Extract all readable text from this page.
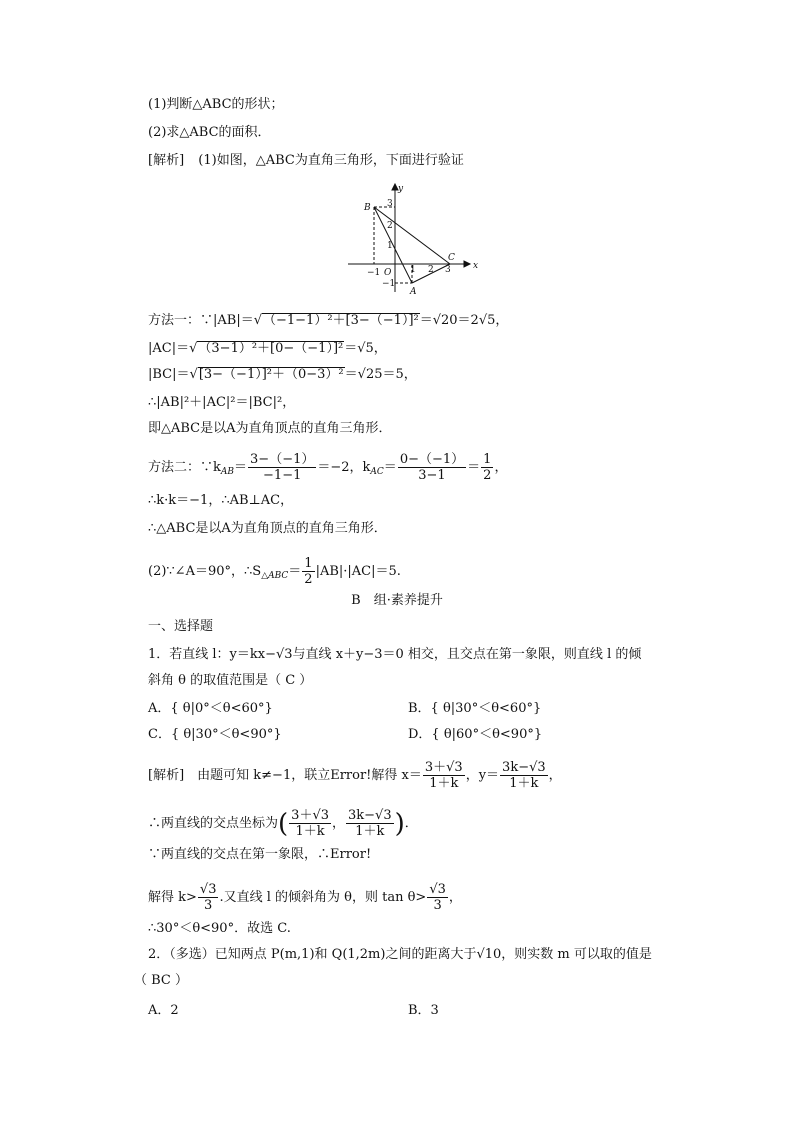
(1)判断△ABC的形状；
(2)求△ABC的面积．
[解析] (1)如图，△ABC为直角三角形，下面进行验证
x
y
O
−1	1 2 3
3
2
1
−1
B
A
C
方法一：∵|AB|＝√（−1−1）²＋[3−（−1）]²＝√20＝2√5，
|AC|＝√（3−1）²＋[0−（−1）]²＝√5，
|BC|＝√[3−（−1）]²＋（0−3）²＝√25＝5，
∴|AB|²＋|AC|²＝|BC|²，
即△ABC是以A为直角顶点的直角三角形．
方法二：$\because k_{AB}= \frac{3-(-1)}{-1-1} =-2$，$k_{AC}= \frac{0-(-1)}{3-1} = \frac{1}{2}$ ，
∴k·k＝−1，∴AB⊥AC，
∴△ABC是以A为直角顶点的直角三角形．
(2)∵∠A＝90°，$\therefore S_{\triangle ABC}= \frac{1}{2} |AB|\cdot|AC|=5$.
B　组·素养提升
一、选择题
1．若直线 l：y＝kx−√3与直线 x＋y−3＝0 相交，且交点在第一象限，则直线 l 的倾
斜角 θ 的取值范围是（ C ）
A．{ θ|0°＜θ<60°}	B．{ θ|30°＜θ<60°}
C．{ θ|30°＜θ<90°}	D．{ θ|60°＜θ<90°}
[解析]　由题可知 k≠−1，联立Error!解得 $x= \frac{3+√3}{1+k}$ ，$y= \frac{3k-√3}{1+k}$ ，
∴两直线的交点坐标为( $\frac{3+√3}{1+k}$ ， $\frac{3k-√3}{1+k}$ )．
∵两直线的交点在第一象限，∴Error!
解得 $k> \frac{√3}{3}$ .又直线 l 的倾斜角为 θ，则 $\tan \theta> \frac{√3}{3}$ ，
∴30°＜θ<90°．故选 C.
2．（多选）已知两点 P(m,1)和 Q(1,2m)之间的距离大于√10，则实数 m 可以取的值是
（ BC ）
A．2	B．3
